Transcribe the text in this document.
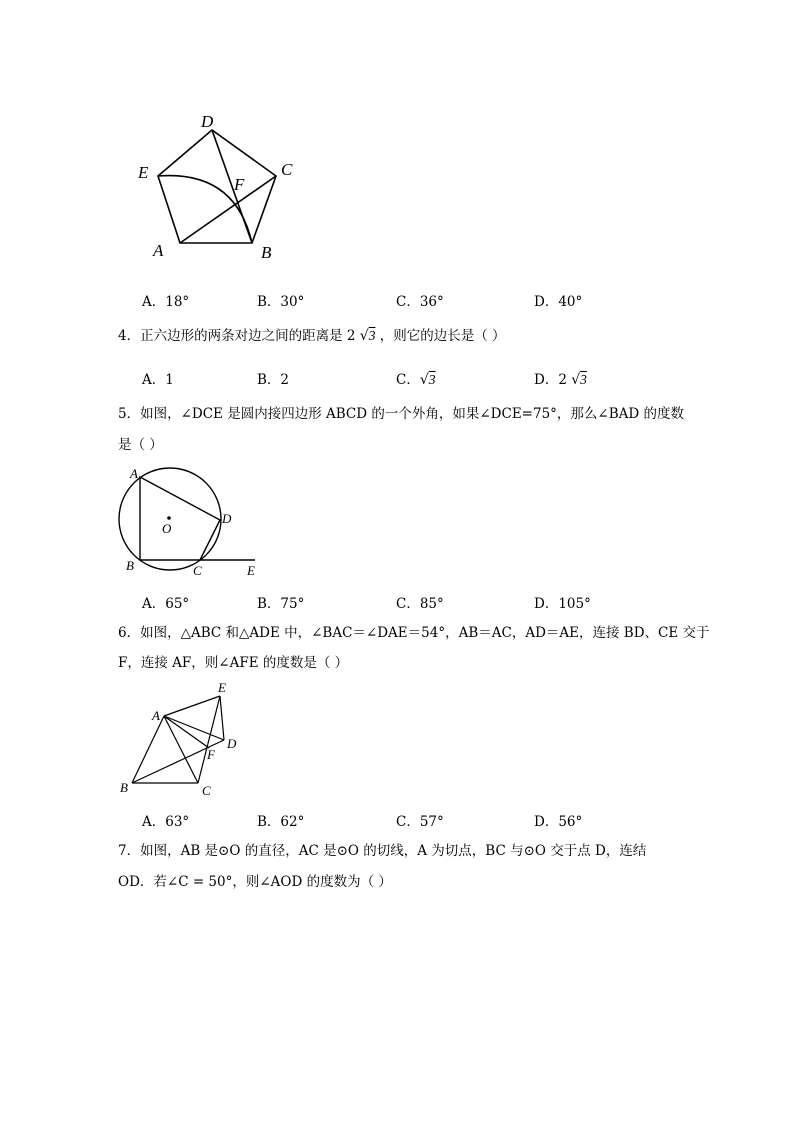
D
C
E
F
A	B
A．18°	B．30°	C．36°	D．40°
4．正六边形的两条对边之间的距离是 2 √3 ，则它的边长是（ ）
A．1	B．2	C．√3	D．2 √3
5．如图，∠DCE 是圆内接四边形 ABCD 的一个外角，如果∠DCE=75°，那么∠BAD 的度数
是（ ）
A
D
O
B	C	E
A．65°	B．75°	C．85°	D．105°
6．如图，△ABC 和△ADE 中，∠BAC＝∠DAE＝54°，AB＝AC，AD＝AE，连接 BD、CE 交于
F，连接 AF，则∠AFE 的度数是（ ）
E
A
D
F
B	C
A．63°	B．62°	C．57°	D．56°
7．如图，AB 是⊙O 的直径，AC 是⊙O 的切线，A 为切点，BC 与⊙O 交于点 D，连结
OD．若∠C = 50°，则∠AOD 的度数为（ ）
